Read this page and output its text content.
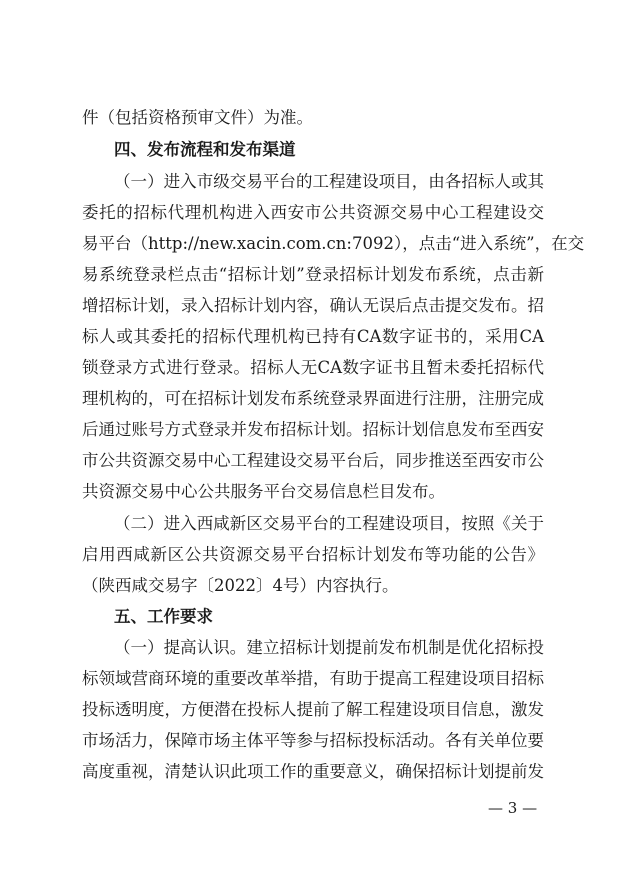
件（包括资格预审文件）为准。
四、发布流程和发布渠道
（一）进入市级交易平台的工程建设项目，由各招标人或其
委托的招标代理机构进入西安市公共资源交易中心工程建设交
易平台（http://new.xacin.com.cn:7092），点击“进入系统”，在交
易系统登录栏点击“招标计划”登录招标计划发布系统，点击新
增招标计划，录入招标计划内容，确认无误后点击提交发布。招
标人或其委托的招标代理机构已持有CA数字证书的，采用CA
锁登录方式进行登录。招标人无CA数字证书且暂未委托招标代
理机构的，可在招标计划发布系统登录界面进行注册，注册完成
后通过账号方式登录并发布招标计划。招标计划信息发布至西安
市公共资源交易中心工程建设交易平台后，同步推送至西安市公
共资源交易中心公共服务平台交易信息栏目发布。
（二）进入西咸新区交易平台的工程建设项目，按照《关于
启用西咸新区公共资源交易平台招标计划发布等功能的公告》
（陕西咸交易字〔2022〕4号）内容执行。
五、工作要求
（一）提高认识。建立招标计划提前发布机制是优化招标投
标领域营商环境的重要改革举措，有助于提高工程建设项目招标
投标透明度，方便潜在投标人提前了解工程建设项目信息，激发
市场活力，保障市场主体平等参与招标投标活动。各有关单位要
高度重视，清楚认识此项工作的重要意义，确保招标计划提前发
— 3 —
